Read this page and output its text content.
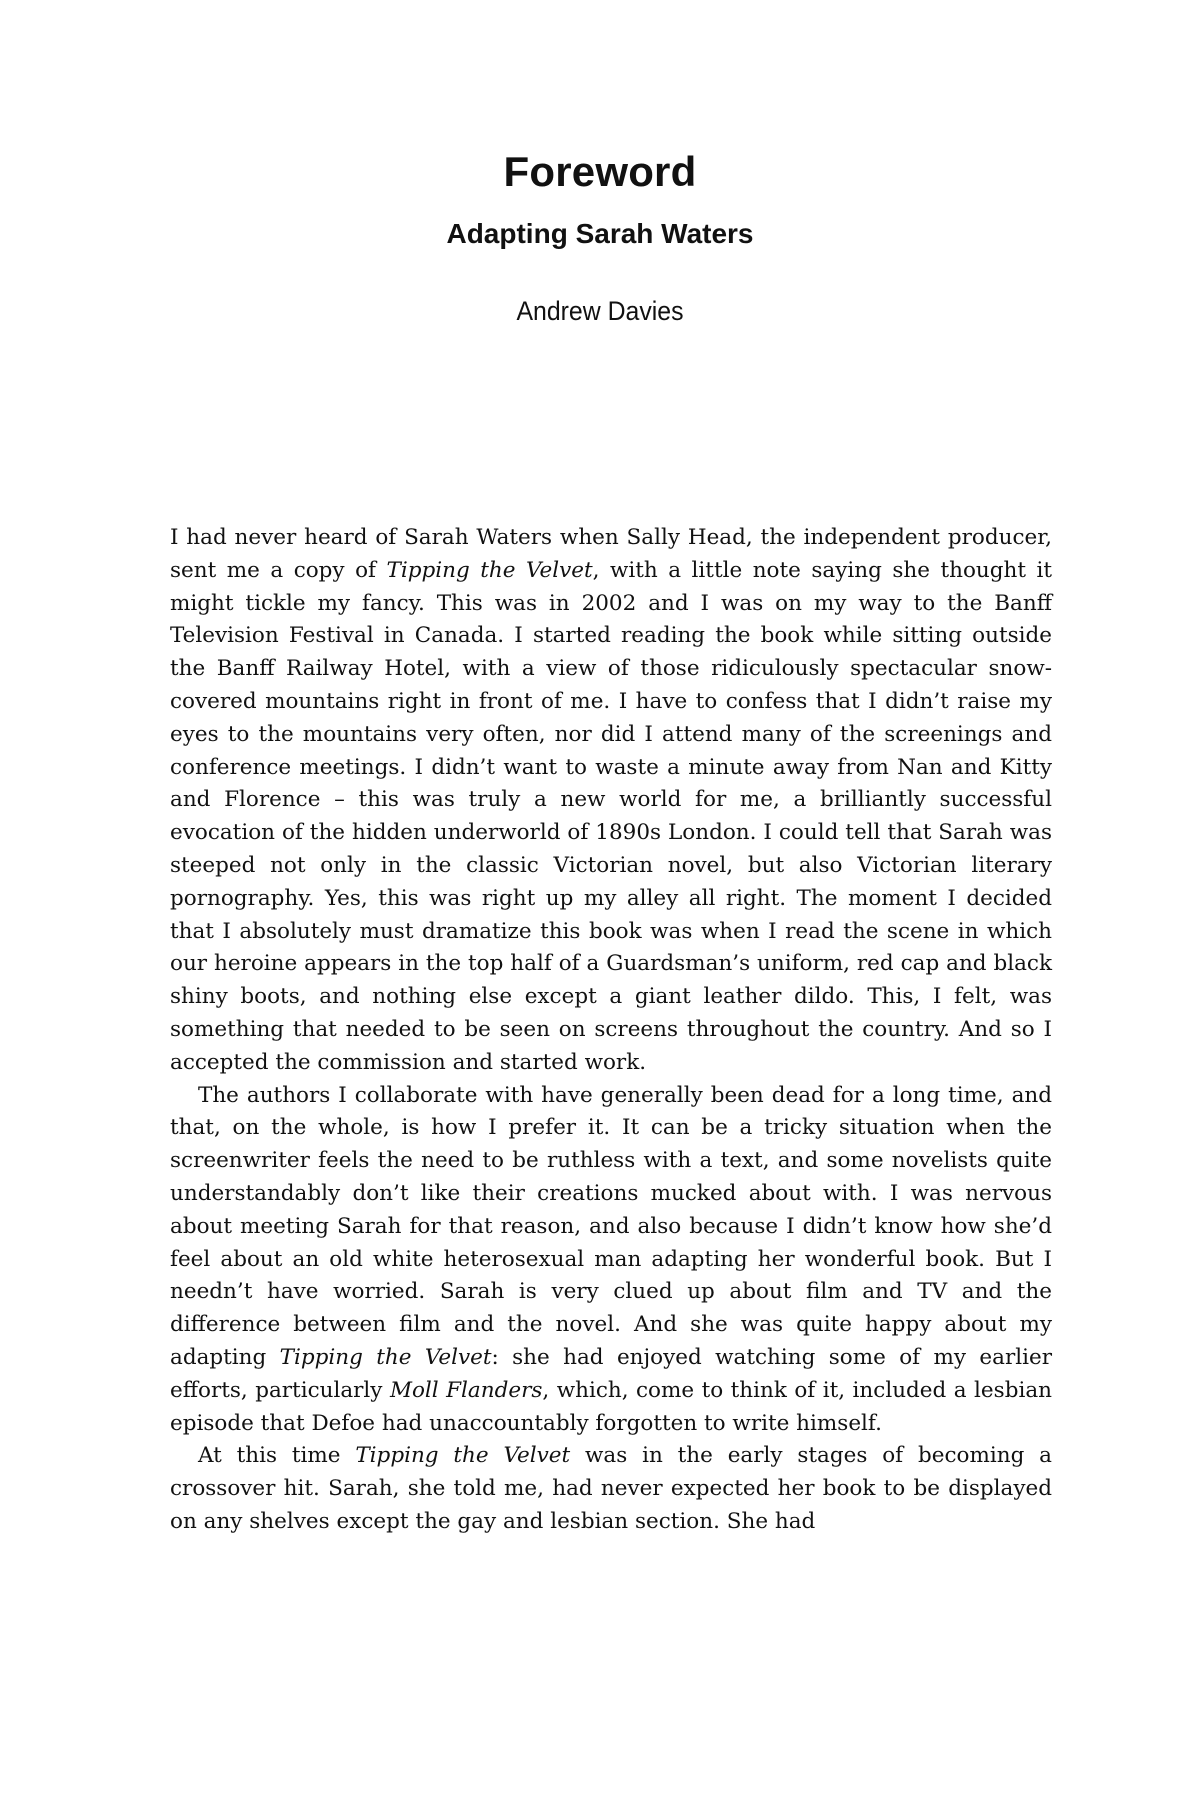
Foreword
Adapting Sarah Waters
Andrew Davies

I had never heard of Sarah Waters when Sally Head, the independent producer, sent me a copy of Tipping the Velvet, with a little note saying she thought it might tickle my fancy. This was in 2002 and I was on my way to the Banff Television Festival in Canada. I started reading the book while sitting outside the Banff Railway Hotel, with a view of those ridiculously spectacular snow-covered mountains right in front of me. I have to confess that I didn’t raise my eyes to the mountains very often, nor did I attend many of the screenings and conference meetings. I didn’t want to waste a minute away from Nan and Kitty and Florence – this was truly a new world for me, a brilliantly successful evocation of the hidden underworld of 1890s London. I could tell that Sarah was steeped not only in the classic Victorian novel, but also Victorian literary pornography. Yes, this was right up my alley all right. The moment I decided that I absolutely must dramatize this book was when I read the scene in which our heroine appears in the top half of a Guardsman’s uniform, red cap and black shiny boots, and nothing else except a giant leather dildo. This, I felt, was something that needed to be seen on screens throughout the country. And so I accepted the commission and started work.

The authors I collaborate with have generally been dead for a long time, and that, on the whole, is how I prefer it. It can be a tricky situation when the screenwriter feels the need to be ruthless with a text, and some novelists quite understandably don’t like their creations mucked about with. I was nervous about meeting Sarah for that reason, and also because I didn’t know how she’d feel about an old white heterosexual man adapting her wonderful book. But I needn’t have worried. Sarah is very clued up about film and TV and the difference between film and the novel. And she was quite happy about my adapting Tipping the Velvet: she had enjoyed watching some of my earlier efforts, particularly Moll Flanders, which, come to think of it, included a lesbian episode that Defoe had unaccountably forgotten to write himself.

At this time Tipping the Velvet was in the early stages of becoming a crossover hit. Sarah, she told me, had never expected her book to be displayed on any shelves except the gay and lesbian section. She had
